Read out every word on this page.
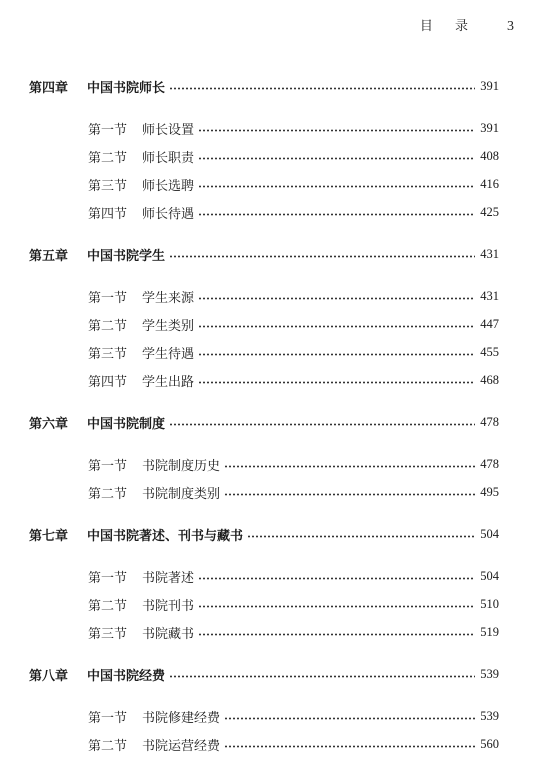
目 录 3
第四章	中国书院师长	391
第一节	师长设置	391
第二节	师长职责	408
第三节	师长选聘	416
第四节	师长待遇	425
第五章	中国书院学生	431
第一节	学生来源	431
第二节	学生类别	447
第三节	学生待遇	455
第四节	学生出路	468
第六章	中国书院制度	478
第一节	书院制度历史	478
第二节	书院制度类别	495
第七章	中国书院著述、刊书与藏书	504
第一节	书院著述	504
第二节	书院刊书	510
第三节	书院藏书	519
第八章	中国书院经费	539
第一节	书院修建经费	539
第二节	书院运营经费	560
